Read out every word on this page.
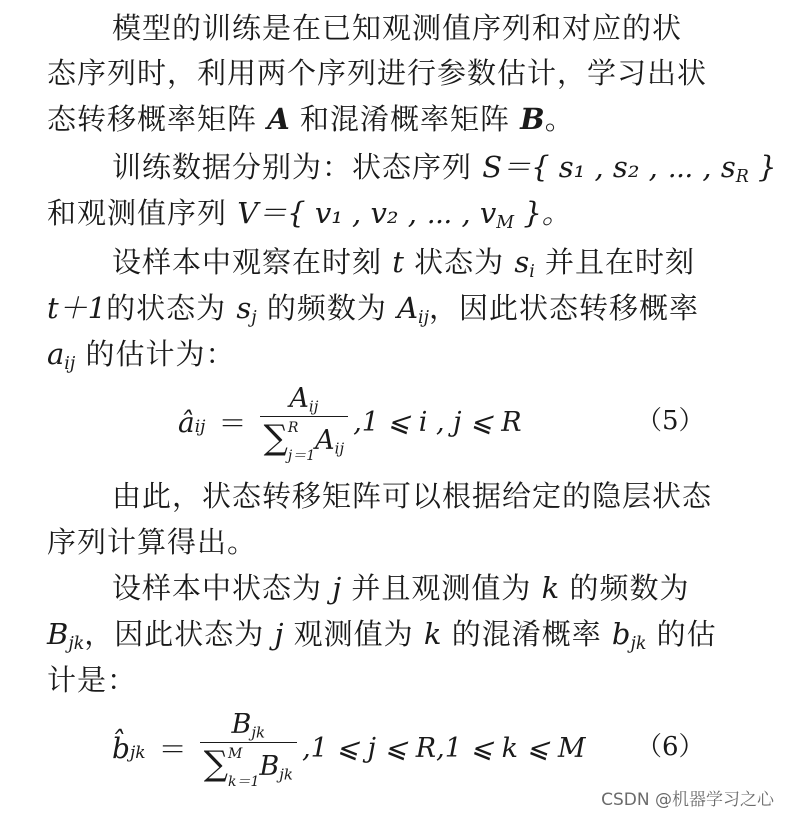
模型的训练是在已知观测值序列和对应的状
态序列时，利用两个序列进行参数估计，学习出状
态转移概率矩阵 A 和混淆概率矩阵 B。
训练数据分别为：状态序列 S＝{ s₁ , s₂ , ⋯ , $s_R$ }
和观测值序列 V＝{ v₁ , v₂ , ⋯ , $v_M$ }。
设样本中观察在时刻 t 状态为 $s_i$ 并且在时刻
t＋1的状态为 $s_j$ 的频数为 $A_{ij}$，因此状态转移概率
$a_{ij}$ 的估计为：
$â_{ij} = A_{ij}$
∑ R
j＝1 $A_{ij}$ ,1 ⩽ i , j ⩽ R	（5）
由此，状态转移矩阵可以根据给定的隐层状态
序列计算得出。
设样本中状态为 j 并且观测值为 k 的频数为
$B_{jk}$，因此状态为 j 观测值为 k 的混淆概率 $b_{jk}$ 的估
计是：
$b̂_{jk} = B_{jk}$
∑ M
k＝1 $B_{jk}$ ,1 ⩽ j ⩽ R,1 ⩽ k ⩽ M （6）
CSDN @机器学习之心
